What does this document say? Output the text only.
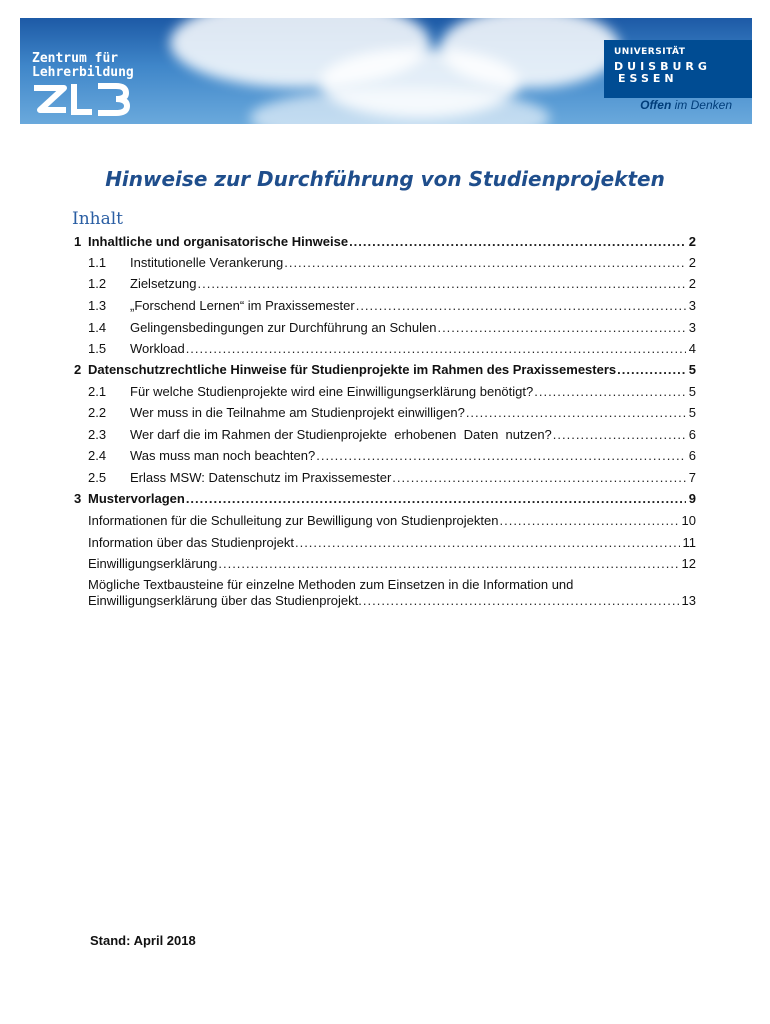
Zentrum für
Lehrerbildung
UNIVERSITÄT
DUISBURG
ESSEN
Offen im Denken
Hinweise zur Durchführung von Studienprojekten
Inhalt
1 Inhaltliche und organisatorische Hinweise .....	2
1.1	Institutionelle Verankerung .....	2
1.2	Zielsetzung .....	2
1.3	„Forschend Lernen“ im Praxissemester .....	3
1.4	Gelingensbedingungen zur Durchführung an Schulen .....	3
1.5	Workload .....	4
2 Datenschutzrechtliche Hinweise für Studienprojekte im Rahmen des Praxissemesters .....	5
2.1	Für welche Studienprojekte wird eine Einwilligungserklärung benötigt? .....	5
2.2	Wer muss in die Teilnahme am Studienprojekt einwilligen? .....	5
2.3	Wer darf die im Rahmen der Studienprojekte  erhobenen  Daten  nutzen? .....	6
2.4	Was muss man noch beachten? .....	6
2.5	Erlass MSW: Datenschutz im Praxissemester .....	7
3 Mustervorlagen .....	9
Informationen für die Schulleitung zur Bewilligung von Studienprojekten .....	10
Information über das Studienprojekt .....	11
Einwilligungserklärung .....	12
Mögliche Textbausteine für einzelne Methoden zum Einsetzen in die Information und
Einwilligungserklärung über das Studienprojekt. .....	13
Stand: April 2018
